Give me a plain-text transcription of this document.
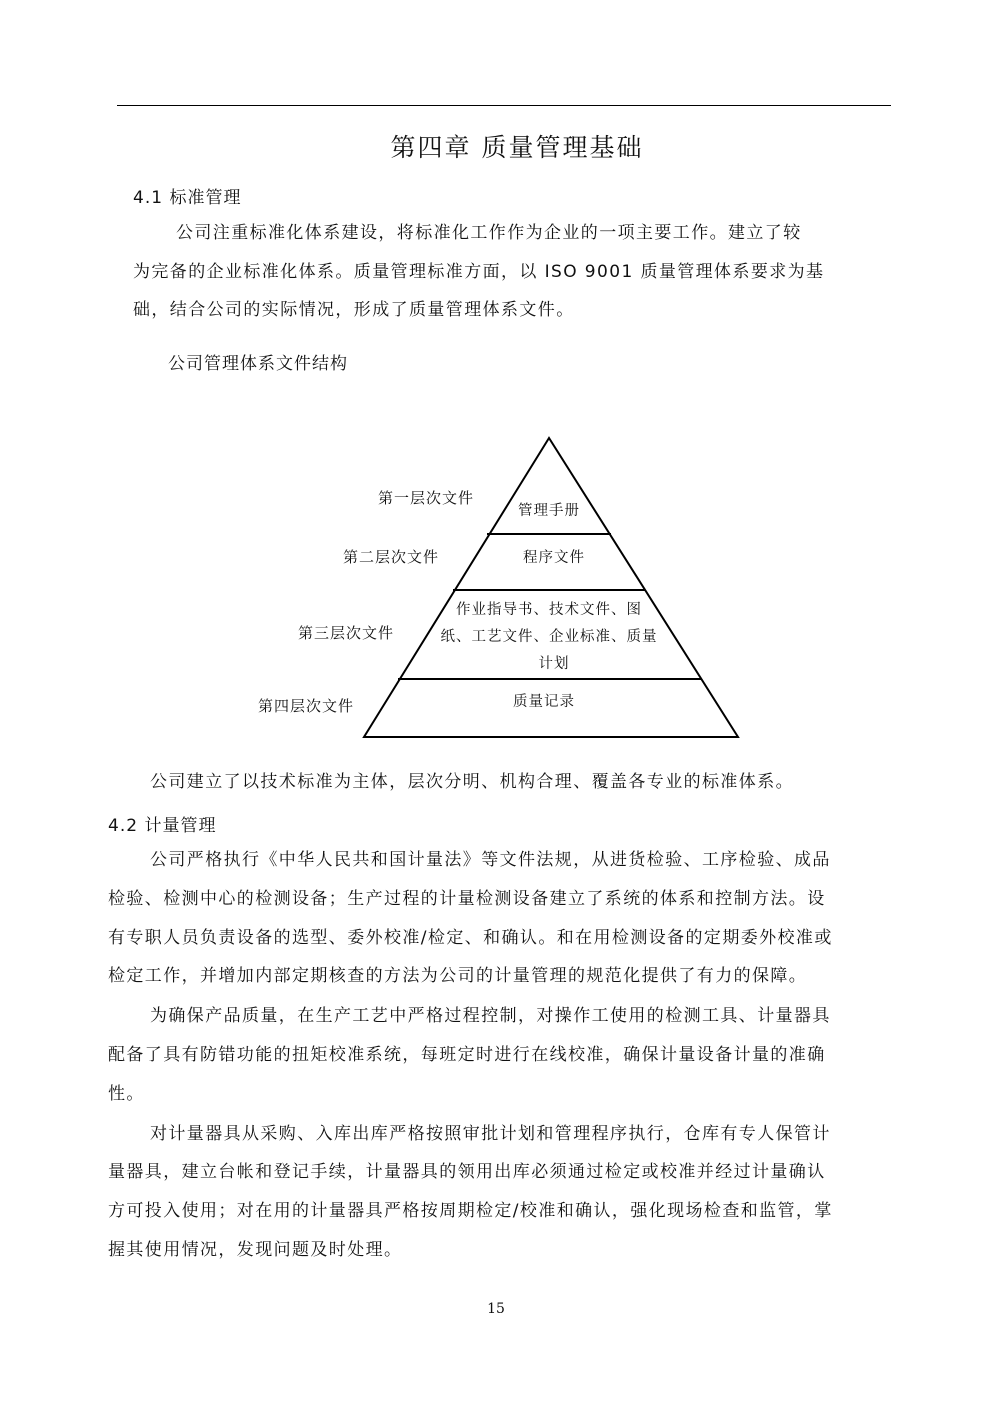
第四章 质量管理基础
4.1 标准管理
公司注重标准化体系建设，将标准化工作作为企业的一项主要工作。建立了较
为完备的企业标准化体系。质量管理标准方面，以 ISO 9001 质量管理体系要求为基
础，结合公司的实际情况，形成了质量管理体系文件。
公司管理体系文件结构
第一层次文件
第二层次文件
第三层次文件
第四层次文件
管理手册
程序文件
作业指导书、技术文件、图
纸、工艺文件、企业标准、质量
计划
质量记录
公司建立了以技术标准为主体，层次分明、机构合理、覆盖各专业的标准体系。
4.2 计量管理
公司严格执行《中华人民共和国计量法》等文件法规，从进货检验、工序检验、成品
检验、检测中心的检测设备；生产过程的计量检测设备建立了系统的体系和控制方法。设
有专职人员负责设备的选型、委外校准/检定、和确认。和在用检测设备的定期委外校准或
检定工作，并增加内部定期核查的方法为公司的计量管理的规范化提供了有力的保障。
为确保产品质量，在生产工艺中严格过程控制，对操作工使用的检测工具、计量器具
配备了具有防错功能的扭矩校准系统，每班定时进行在线校准，确保计量设备计量的准确
性。
对计量器具从采购、入库出库严格按照审批计划和管理程序执行，仓库有专人保管计
量器具，建立台帐和登记手续，计量器具的领用出库必须通过检定或校准并经过计量确认
方可投入使用；对在用的计量器具严格按周期检定/校准和确认，强化现场检查和监管，掌
握其使用情况，发现问题及时处理。
15
